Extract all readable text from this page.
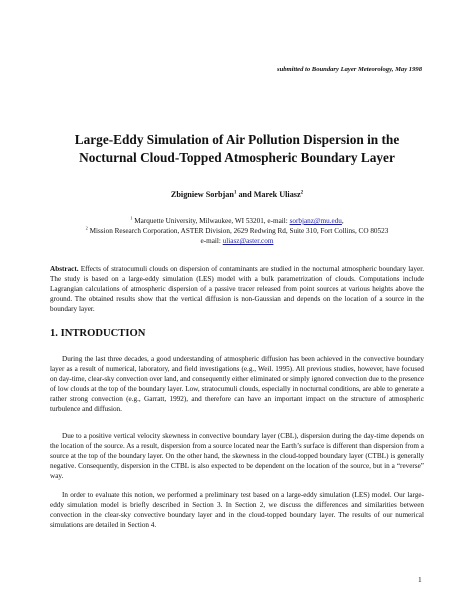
submitted to Boundary Layer Meteorology, May 1998
Large-Eddy Simulation of Air Pollution Dispersion in the
Nocturnal Cloud-Topped Atmospheric Boundary Layer
Zbigniew Sorbjan$^1$ and Marek Uliasz$^2$
$^1$ Marquette University, Milwaukee, WI 53201, e-mail: sorbjanz@mu.edu,
$^2$ Mission Research Corporation, ASTER Division, 2629 Redwing Rd, Suite 310, Fort Collins, CO 80523
e-mail: uliasz@aster.com
Abstract. Effects of stratocumuli clouds on dispersion of contaminants are studied in the nocturnal atmospheric boundary layer. The study is based on a large-eddy simulation (LES) model with a bulk parametrization of clouds. Computations include Lagrangian calculations of atmospheric dispersion of a passive tracer released from point sources at various heights above the ground. The obtained results show that the vertical diffusion is non-Gaussian and depends on the location of a source in the boundary layer.
1. INTRODUCTION
During the last three decades, a good understanding of atmospheric diffusion has been achieved in the convective boundary layer as a result of numerical, laboratory, and field investigations (e.g., Weil. 1995). All previous studies, however, have focused on day-time, clear-sky convection over land, and consequently either eliminated or simply ignored convection due to the presence of low clouds at the top of the boundary layer. Low, stratocumuli clouds, especially in nocturnal conditions, are able to generate a rather strong convection (e.g., Garratt, 1992), and therefore can have an important impact on the structure of atmospheric turbulence and diffusion.
Due to a positive vertical velocity skewness in convective boundary layer (CBL), dispersion during the day-time depends on the location of the source. As a result, dispersion from a source located near the Earth’s surface is different than dispersion from a source at the top of the boundary layer. On the other hand, the skewness in the cloud-topped boundary layer (CTBL) is generally negative. Consequently, dispersion in the CTBL is also expected to be dependent on the location of the source, but in a “reverse” way.
In order to evaluate this notion, we performed a preliminary test based on a large-eddy simulation (LES) model. Our large-eddy simulation model is briefly described in Section 3. In Section 2, we discuss the differences and similarities between convection in the clear-sky convective boundary layer and in the cloud-topped boundary layer. The results of our numerical simulations are detailed in Section 4.
1
